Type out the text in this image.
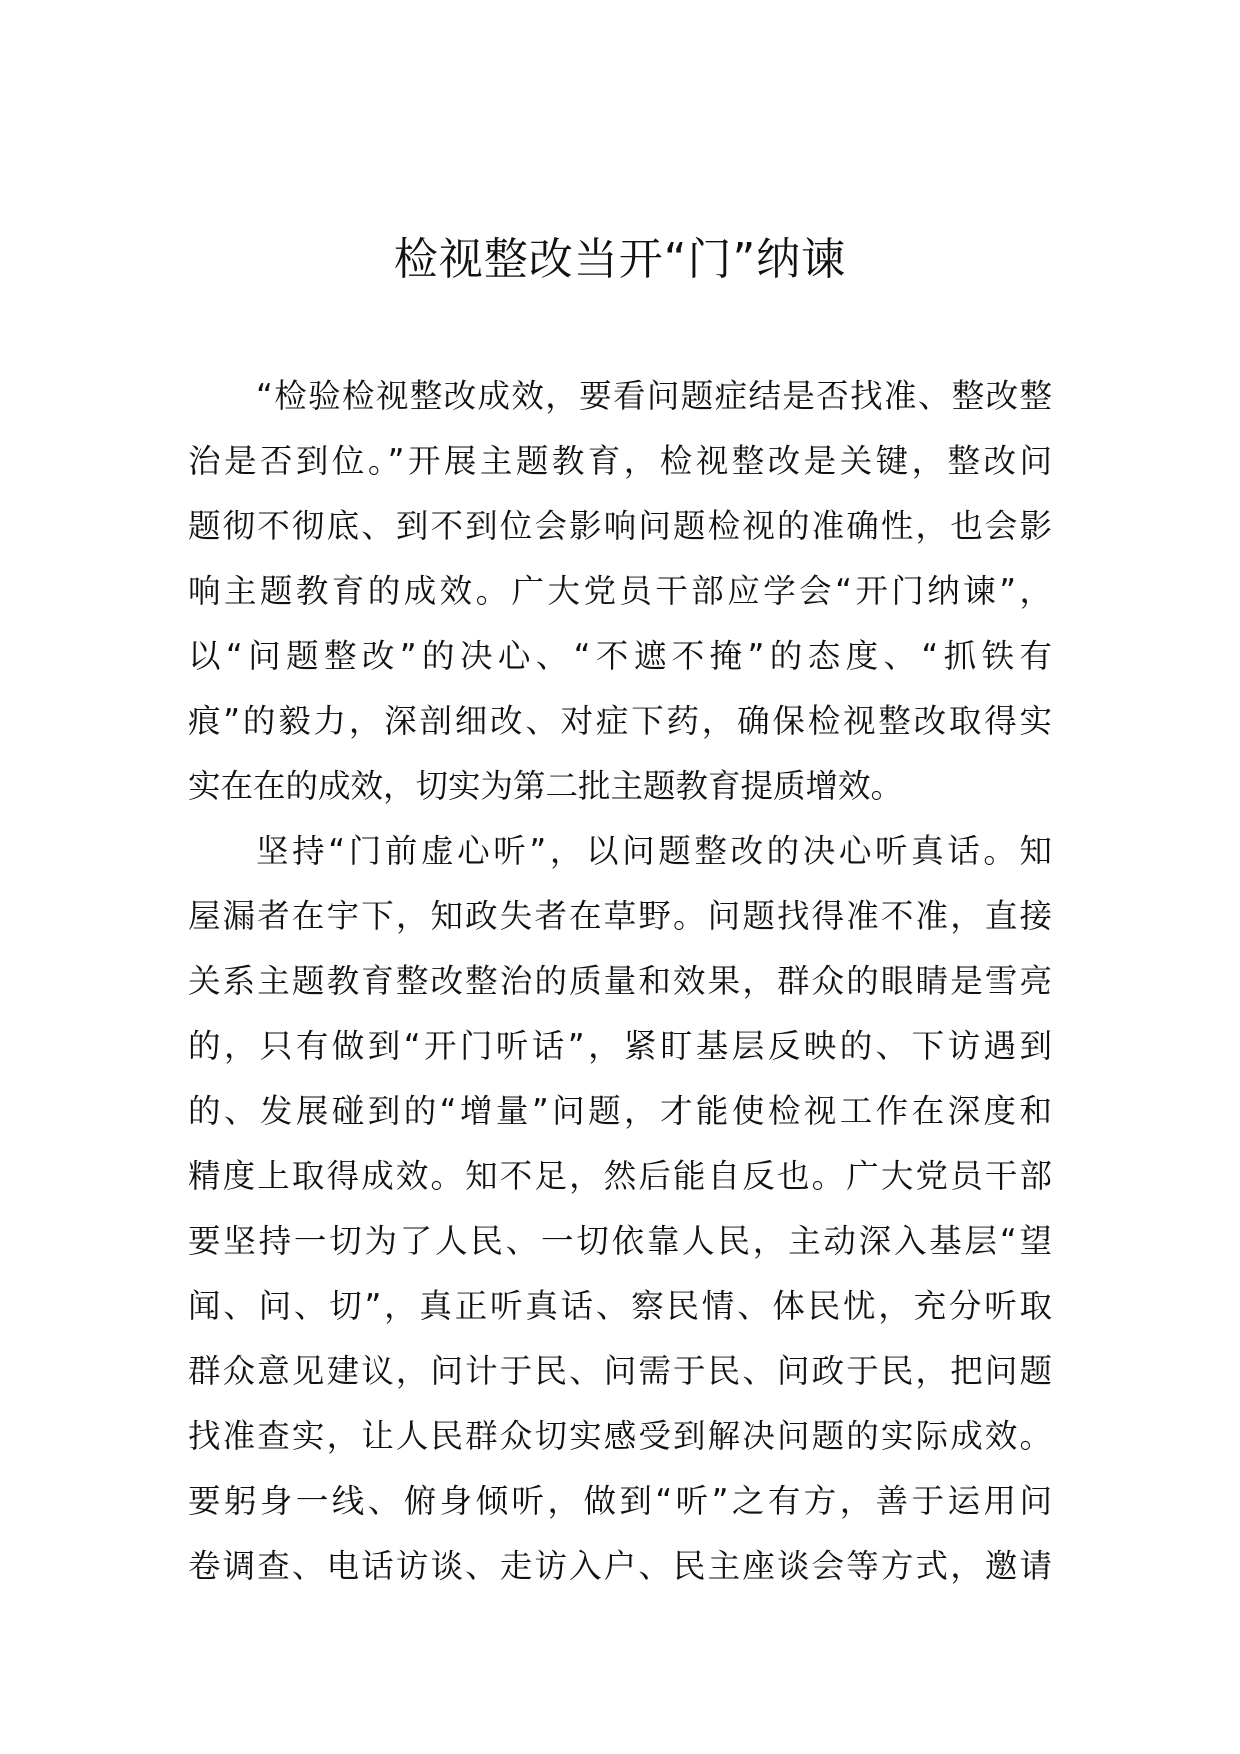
检视整改当开“门”纳谏
“检验检视整改成效，要看问题症结是否找准、整改整
治是否到位。”开展主题教育，检视整改是关键，整改问
题彻不彻底、到不到位会影响问题检视的准确性，也会影
响主题教育的成效。广大党员干部应学会“开门纳谏”，
以“问题整改”的决心、“不遮不掩”的态度、“抓铁有
痕”的毅力，深剖细改、对症下药，确保检视整改取得实
实在在的成效，切实为第二批主题教育提质增效。
坚持“门前虚心听”，以问题整改的决心听真话。知
屋漏者在宇下，知政失者在草野。问题找得准不准，直接
关系主题教育整改整治的质量和效果，群众的眼睛是雪亮
的，只有做到“开门听话”，紧盯基层反映的、下访遇到
的、发展碰到的“增量”问题，才能使检视工作在深度和
精度上取得成效。知不足，然后能自反也。广大党员干部
要坚持一切为了人民、一切依靠人民，主动深入基层“望
闻、问、切”，真正听真话、察民情、体民忧，充分听取
群众意见建议，问计于民、问需于民、问政于民，把问题
找准查实，让人民群众切实感受到解决问题的实际成效。
要躬身一线、俯身倾听，做到“听”之有方，善于运用问
卷调查、电话访谈、走访入户、民主座谈会等方式，邀请
